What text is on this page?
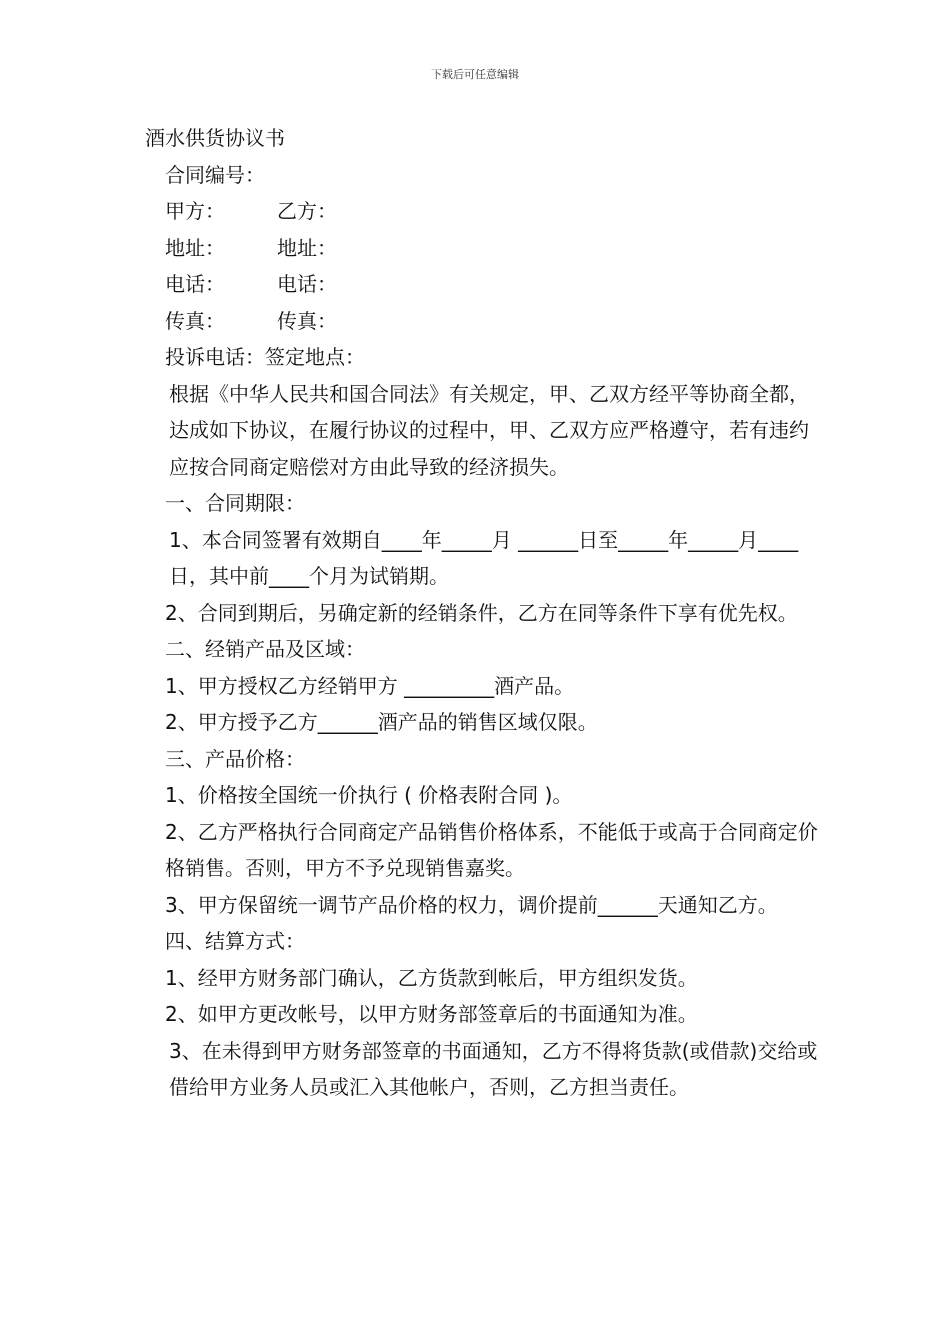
下载后可任意编辑

酒水供货协议书

合同编号：

甲方：	乙方：

地址：	地址：

电话：	电话：

传真：	传真：

投诉电话：签定地点：

根据《中华人民共和国合同法》有关规定，甲、乙双方经平等协商全都，达成如下协议，在履行协议的过程中，甲、乙双方应严格遵守，若有违约应按合同商定赔偿对方由此导致的经济损失。

一、合同期限：

1、本合同签署有效期自____年_____月 ______日至_____年_____月____日，其中前____个月为试销期。

2、合同到期后，另确定新的经销条件，乙方在同等条件下享有优先权。

二、经销产品及区域：

1、甲方授权乙方经销甲方 _________酒产品。

2、甲方授予乙方______酒产品的销售区域仅限。

三、产品价格：

1、价格按全国统一价执行 ( 价格表附合同 )。

2、乙方严格执行合同商定产品销售价格体系，不能低于或高于合同商定价格销售。否则，甲方不予兑现销售嘉奖。

3、甲方保留统一调节产品价格的权力，调价提前______天通知乙方。

四、结算方式：

1、经甲方财务部门确认，乙方货款到帐后，甲方组织发货。

2、如甲方更改帐号，以甲方财务部签章后的书面通知为准。

3、在未得到甲方财务部签章的书面通知，乙方不得将货款(或借款)交给或借给甲方业务人员或汇入其他帐户，否则，乙方担当责任。
